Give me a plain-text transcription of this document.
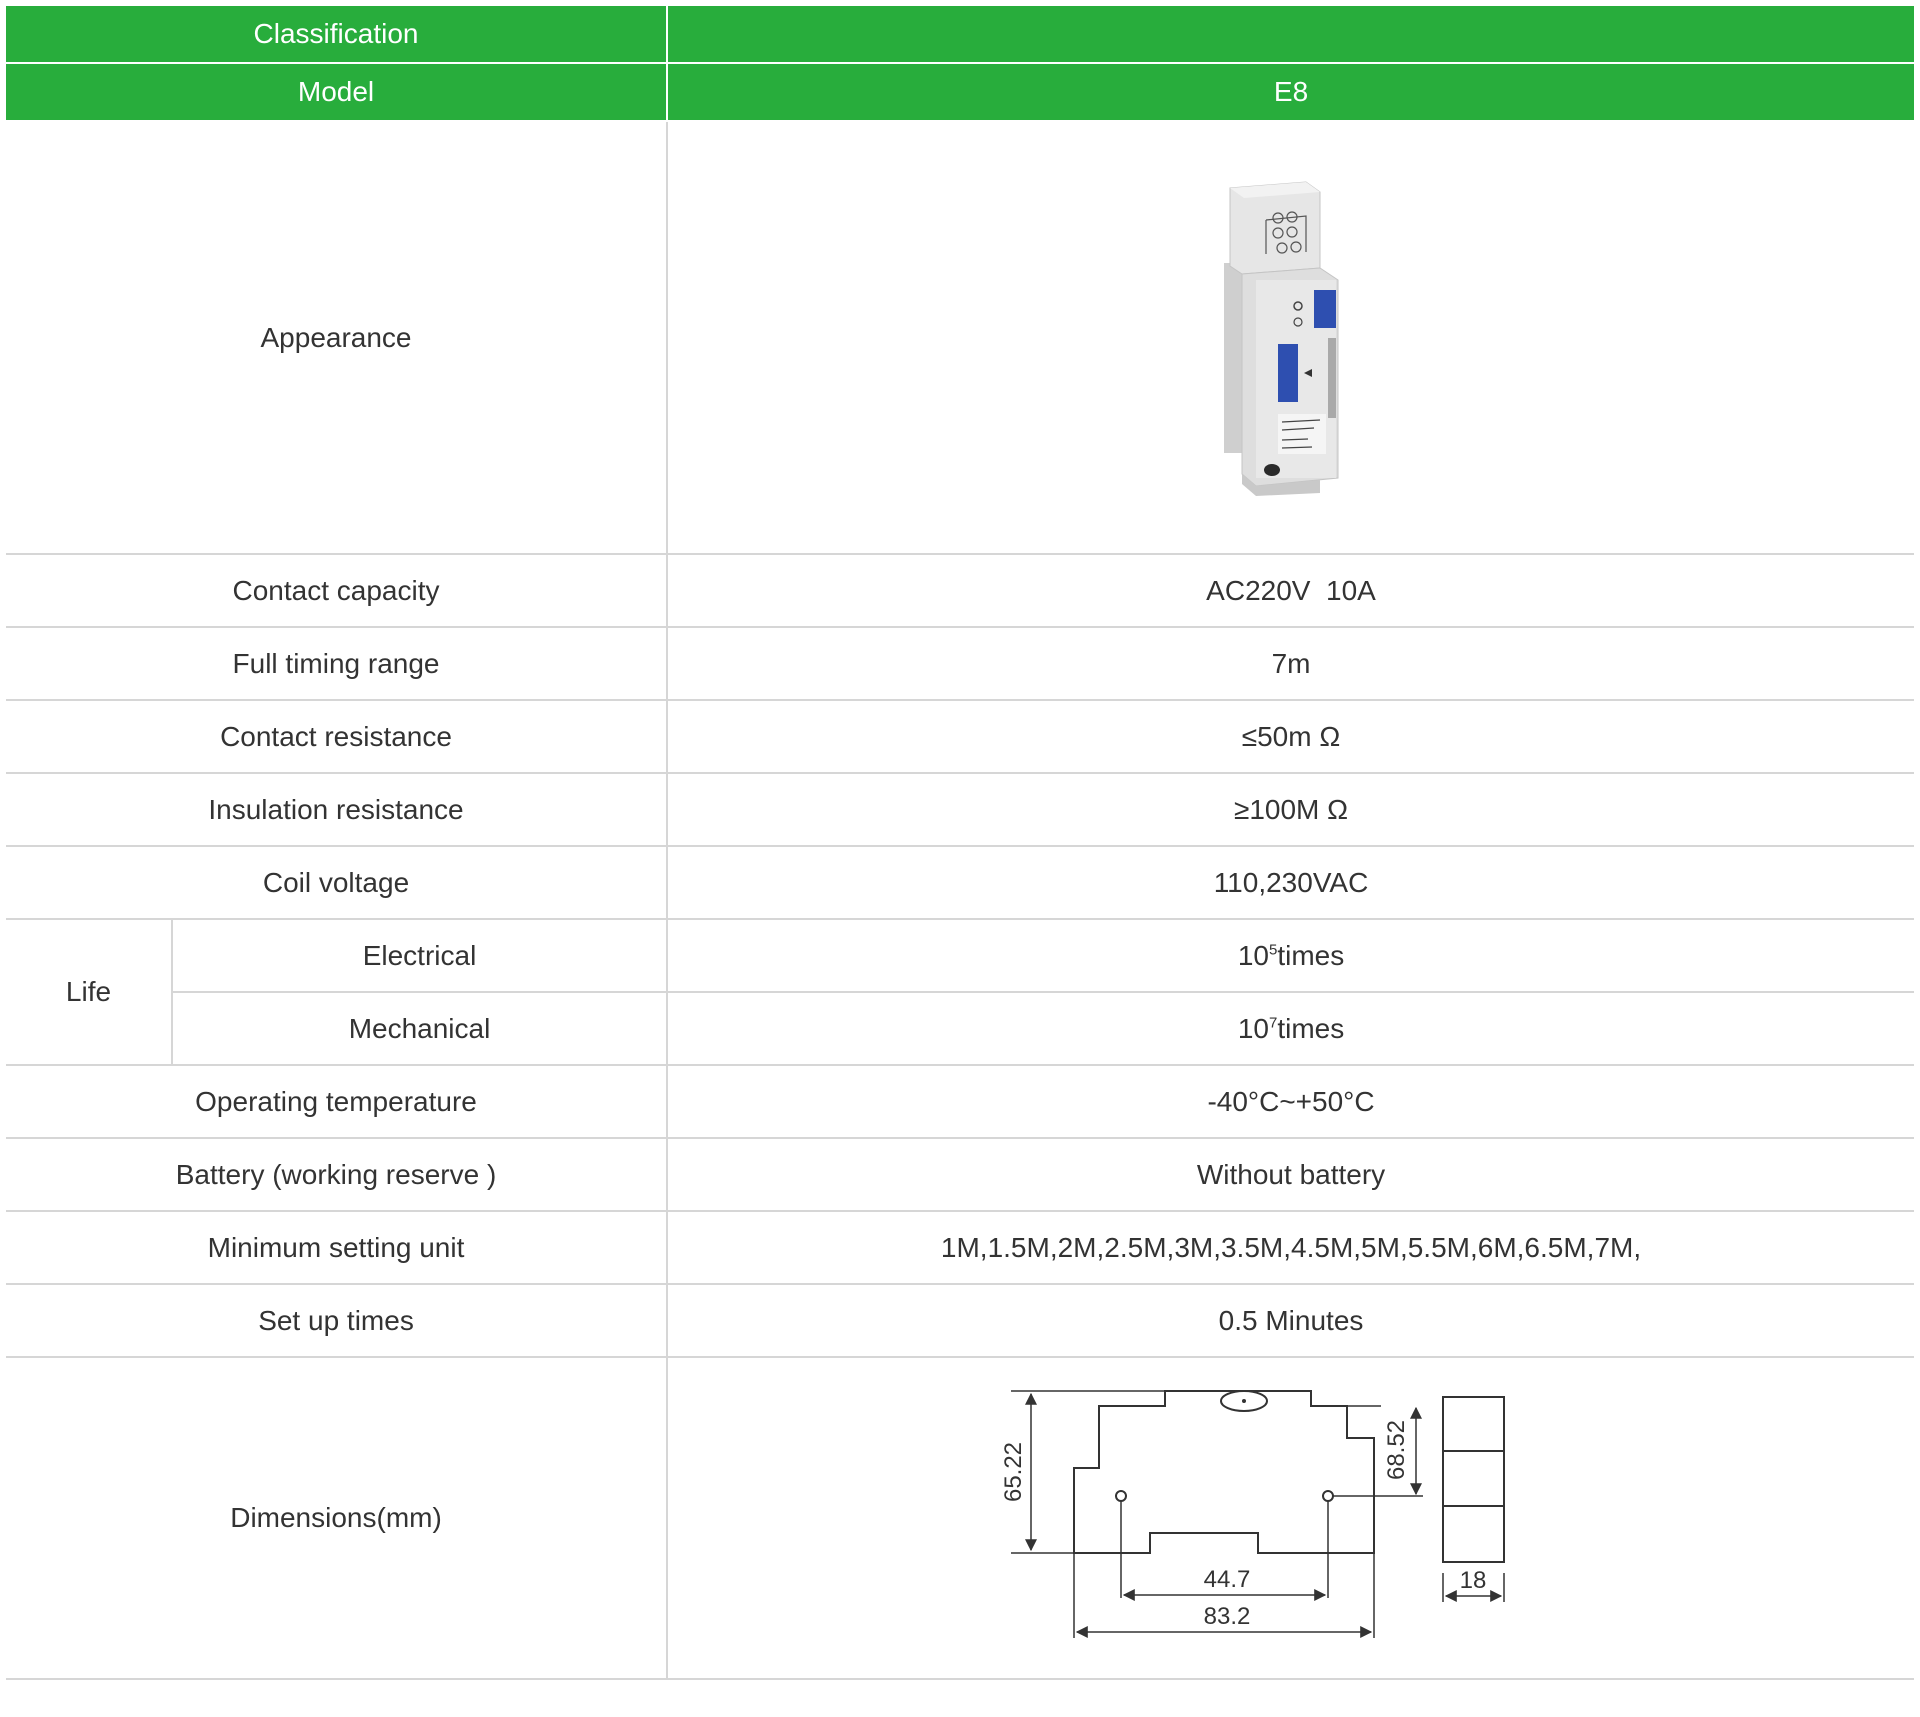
Classification		
Model		E8
Appearance	

Contact capacity		AC220V  10A
Full timing range		7m
Contact resistance		≤50m Ω
Insulation resistance		≥100M Ω
Coil voltage		110,230VAC
Life	Electrical	$10^5times$
	Mechanical	$10^7times$
Operating temperature		-40°C~+50°C
Battery (working reserve )		Without battery
Minimum setting unit		1M,1.5M,2M,2.5M,3M,3.5M,4.5M,5M,5.5M,6M,6.5M,7M,
Set up times		0.5 Minutes
Dimensions(mm)		65.22 68.52
44.7
83.2
18
